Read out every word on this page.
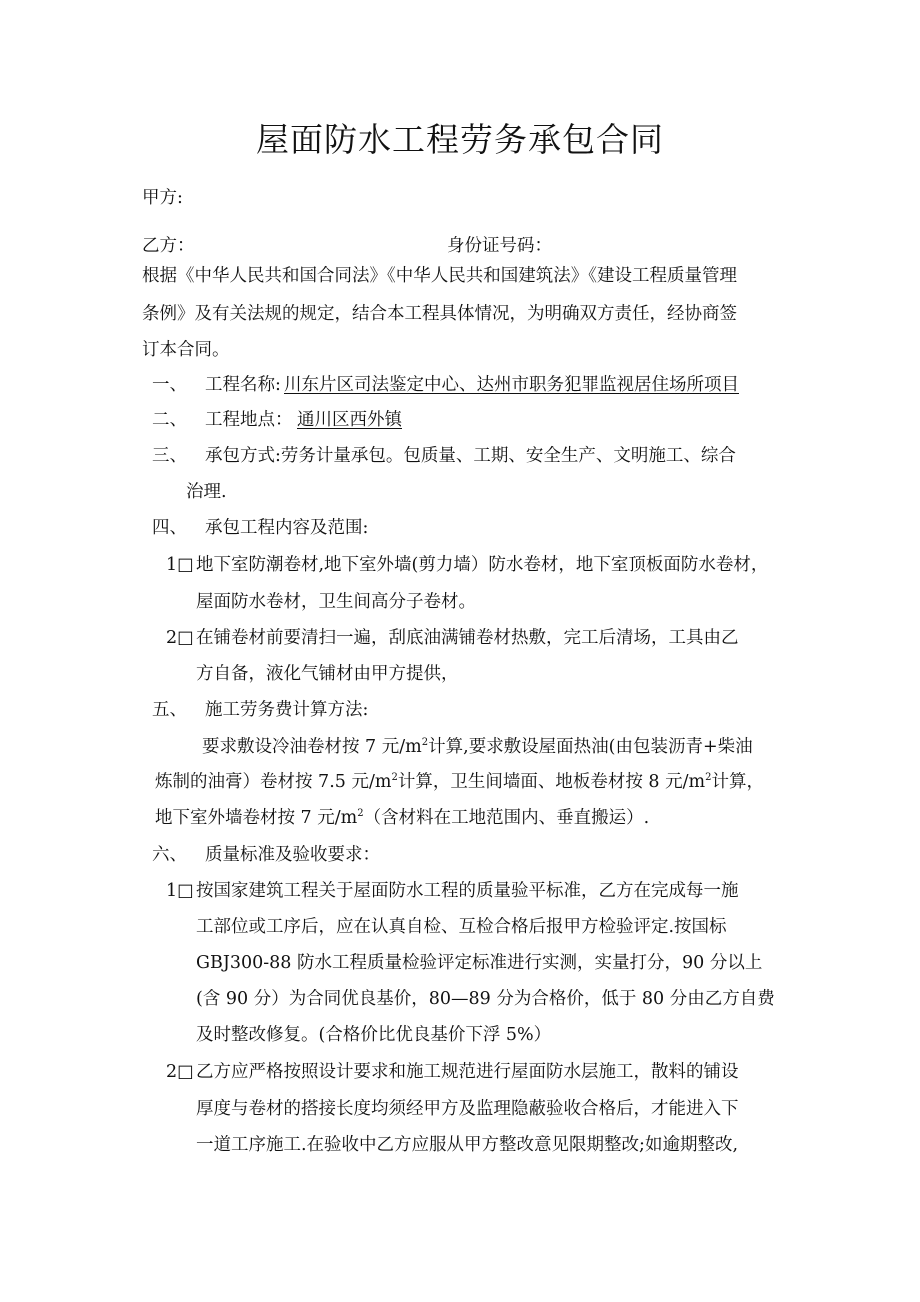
屋面防水工程劳务承包合同
甲方:
乙方：	身份证号码：
根据《中华人民共和国合同法》《中华人民共和国建筑法》《建设工程质量管理
条例》及有关法规的规定，结合本工程具体情况，为明确双方责任，经协商签
订本合同。
一、 工程名称: 川东片区司法鉴定中心、达州市职务犯罪监视居住场所项目
二、 工程地点： 通川区西外镇
三、 承包方式:劳务计量承包。包质量、工期、安全生产、文明施工、综合
治理.
四、 承包工程内容及范围:
1□ 地下室防潮卷材,地下室外墙(剪力墙）防水卷材，地下室顶板面防水卷材，
屋面防水卷材，卫生间高分子卷材。
2□ 在铺卷材前要清扫一遍，刮底油满铺卷材热敷，完工后清场，工具由乙
方自备，液化气铺材由甲方提供，
五、 施工劳务费计算方法:
要求敷设冷油卷材按 7 元$/m^2$计算,要求敷设屋面热油(由包装沥青+柴油
炼制的油膏）卷材按 7.5 元$/m^2$计算，卫生间墙面、地板卷材按 8 元$/m^2$计算，
地下室外墙卷材按 7 元$/m^2$（含材料在工地范围内、垂直搬运）.
六、 质量标准及验收要求：
1□ 按国家建筑工程关于屋面防水工程的质量验平标准，乙方在完成每一施
工部位或工序后，应在认真自检、互检合格后报甲方检验评定.按国标
GBJ300-88 防水工程质量检验评定标准进行实测，实量打分，90 分以上
(含 90 分）为合同优良基价，80—89 分为合格价，低于 80 分由乙方自费
及时整改修复。(合格价比优良基价下浮 5%）
2□ 乙方应严格按照设计要求和施工规范进行屋面防水层施工，散料的铺设
厚度与卷材的搭接长度均须经甲方及监理隐蔽验收合格后，才能进入下
一道工序施工.在验收中乙方应服从甲方整改意见限期整改;如逾期整改,
